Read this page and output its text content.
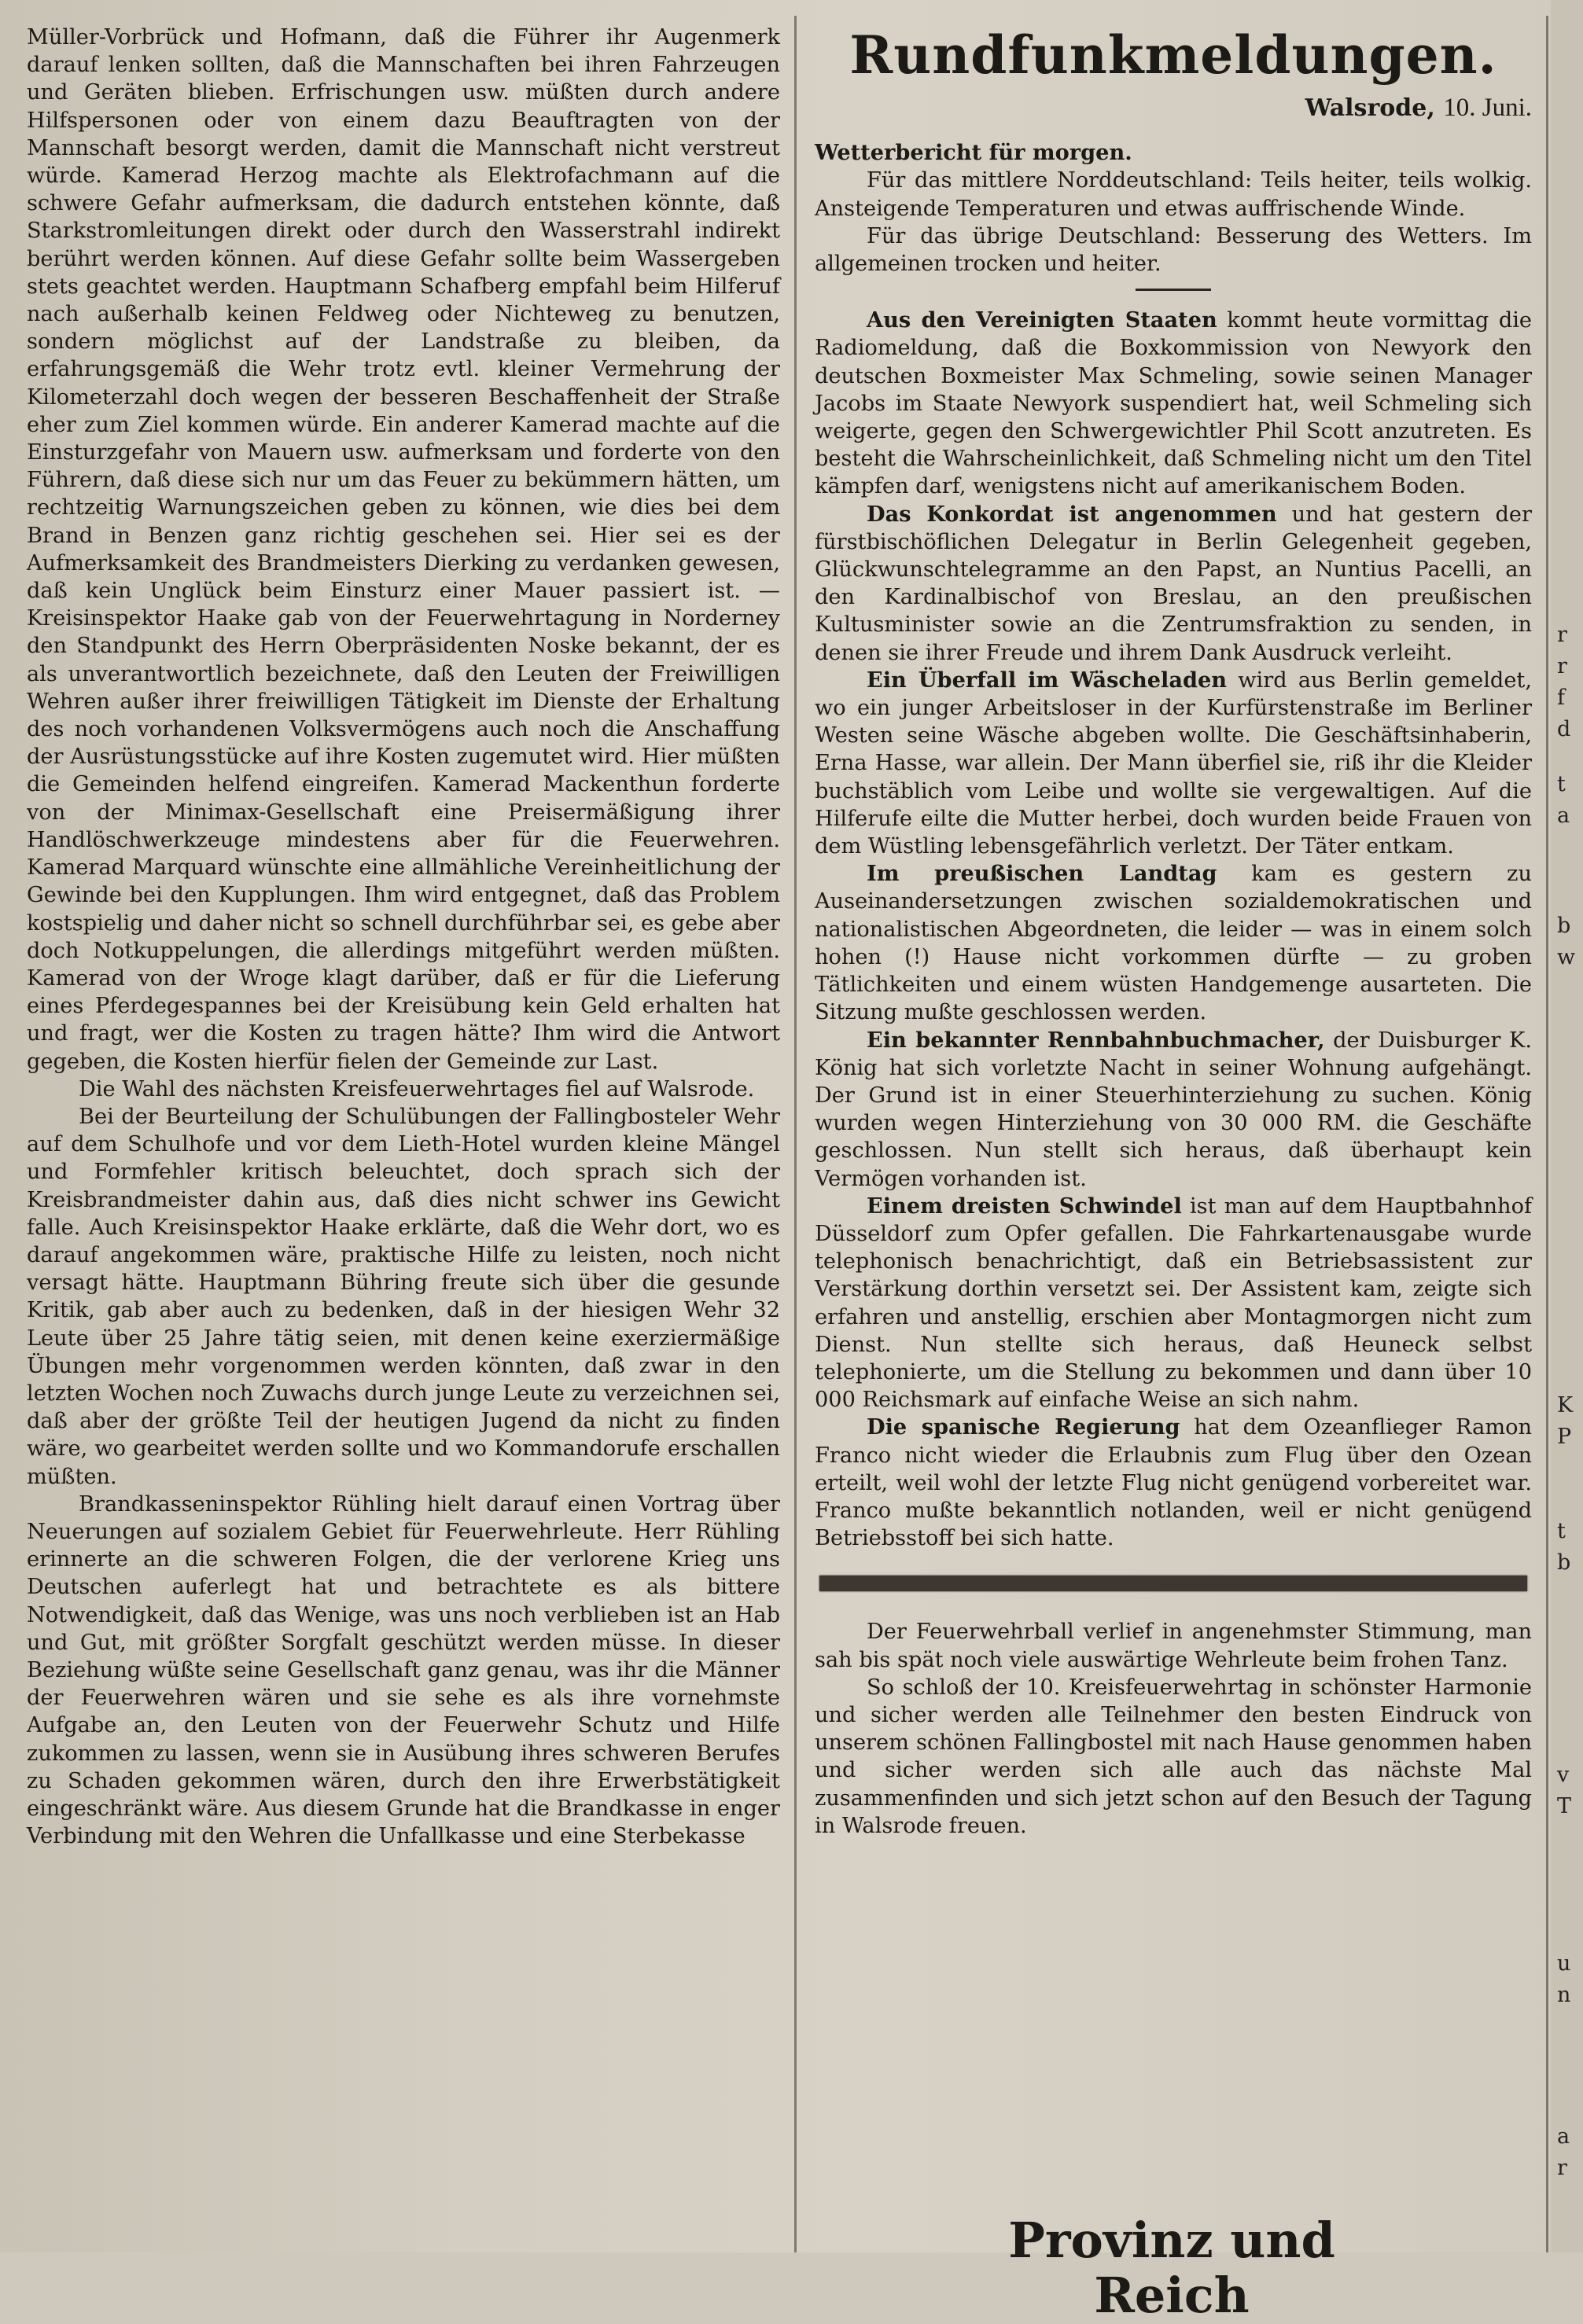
Müller-Vorbrück und Hofmann, daß die Führer ihr Augenmerk darauf lenken sollten, daß die Mannschaften bei ihren Fahrzeugen und Geräten blieben. Erfrischungen usw. müßten durch andere Hilfspersonen oder von einem dazu Beauftragten von der Mannschaft besorgt werden, damit die Mannschaft nicht verstreut würde. Kamerad Herzog machte als Elektrofachmann auf die schwere Gefahr aufmerksam, die dadurch entstehen könnte, daß Starkstromleitungen direkt oder durch den Wasserstrahl indirekt berührt werden können. Auf diese Gefahr sollte beim Wassergeben stets geachtet werden. Hauptmann Schafberg empfahl beim Hilferuf nach außerhalb keinen Feldweg oder Nichteweg zu benutzen, sondern möglichst auf der Landstraße zu bleiben, da erfahrungsgemäß die Wehr trotz evtl. kleiner Vermehrung der Kilometerzahl doch wegen der besseren Beschaffenheit der Straße eher zum Ziel kommen würde. Ein anderer Kamerad machte auf die Einsturzgefahr von Mauern usw. aufmerksam und forderte von den Führern, daß diese sich nur um das Feuer zu bekümmern hätten, um rechtzeitig Warnungszeichen geben zu können, wie dies bei dem Brand in Benzen ganz richtig geschehen sei. Hier sei es der Aufmerksamkeit des Brandmeisters Dierking zu verdanken gewesen, daß kein Unglück beim Einsturz einer Mauer passiert ist. — Kreisinspektor Haake gab von der Feuerwehrtagung in Norderney den Standpunkt des Herrn Oberpräsidenten Noske bekannt, der es als unverantwortlich bezeichnete, daß den Leuten der Freiwilligen Wehren außer ihrer freiwilligen Tätigkeit im Dienste der Erhaltung des noch vorhandenen Volksvermögens auch noch die Anschaffung der Ausrüstungsstücke auf ihre Kosten zugemutet wird. Hier müßten die Gemeinden helfend eingreifen. Kamerad Mackenthun forderte von der Minimax-Gesellschaft eine Preisermäßigung ihrer Handlöschwerkzeuge mindestens aber für die Feuerwehren. Kamerad Marquard wünschte eine allmähliche Vereinheitlichung der Gewinde bei den Kupplungen. Ihm wird entgegnet, daß das Problem kostspielig und daher nicht so schnell durchführbar sei, es gebe aber doch Notkuppelungen, die allerdings mitgeführt werden müßten. Kamerad von der Wroge klagt darüber, daß er für die Lieferung eines Pferdegespannes bei der Kreisübung kein Geld erhalten hat und fragt, wer die Kosten zu tragen hätte? Ihm wird die Antwort gegeben, die Kosten hierfür fielen der Gemeinde zur Last.

Die Wahl des nächsten Kreisfeuerwehrtages fiel auf Walsrode.

Bei der Beurteilung der Schulübungen der Fallingbosteler Wehr auf dem Schulhofe und vor dem Lieth-Hotel wurden kleine Mängel und Formfehler kritisch beleuchtet, doch sprach sich der Kreisbrandmeister dahin aus, daß dies nicht schwer ins Gewicht falle. Auch Kreisinspektor Haake erklärte, daß die Wehr dort, wo es darauf angekommen wäre, praktische Hilfe zu leisten, noch nicht versagt hätte. Hauptmann Bühring freute sich über die gesunde Kritik, gab aber auch zu bedenken, daß in der hiesigen Wehr 32 Leute über 25 Jahre tätig seien, mit denen keine exerziermäßige Übungen mehr vorgenommen werden könnten, daß zwar in den letzten Wochen noch Zuwachs durch junge Leute zu verzeichnen sei, daß aber der größte Teil der heutigen Jugend da nicht zu finden wäre, wo gearbeitet werden sollte und wo Kommandorufe erschallen müßten.

Brandkasseninspektor Rühling hielt darauf einen Vortrag über Neuerungen auf sozialem Gebiet für Feuerwehrleute. Herr Rühling erinnerte an die schweren Folgen, die der verlorene Krieg uns Deutschen auferlegt hat und betrachtete es als bittere Notwendigkeit, daß das Wenige, was uns noch verblieben ist an Hab und Gut, mit größter Sorgfalt geschützt werden müsse. In dieser Beziehung wüßte seine Gesellschaft ganz genau, was ihr die Männer der Feuerwehren wären und sie sehe es als ihre vornehmste Aufgabe an, den Leuten von der Feuerwehr Schutz und Hilfe zukommen zu lassen, wenn sie in Ausübung ihres schweren Berufes zu Schaden gekommen wären, durch den ihre Erwerbstätigkeit eingeschränkt wäre. Aus diesem Grunde hat die Brandkasse in enger Verbindung mit den Wehren die Unfallkasse und eine Sterbekasse

Rundfunkmeldungen.
Walsrode, 10. Juni.

Wetterbericht für morgen.

Für das mittlere Norddeutschland: Teils heiter, teils wolkig. Ansteigende Temperaturen und etwas auffrischende Winde.

Für das übrige Deutschland: Besserung des Wetters. Im allgemeinen trocken und heiter.

Aus den Vereinigten Staaten kommt heute vormittag die Radiomeldung, daß die Boxkommission von Newyork den deutschen Boxmeister Max Schmeling, sowie seinen Manager Jacobs im Staate Newyork suspendiert hat, weil Schmeling sich weigerte, gegen den Schwergewichtler Phil Scott anzutreten. Es besteht die Wahrscheinlichkeit, daß Schmeling nicht um den Titel kämpfen darf, wenigstens nicht auf amerikanischem Boden.

Das Konkordat ist angenommen und hat gestern der fürstbischöflichen Delegatur in Berlin Gelegenheit gegeben, Glückwunschtelegramme an den Papst, an Nuntius Pacelli, an den Kardinalbischof von Breslau, an den preußischen Kultusminister sowie an die Zentrumsfraktion zu senden, in denen sie ihrer Freude und ihrem Dank Ausdruck verleiht.

Ein Überfall im Wäscheladen wird aus Berlin gemeldet, wo ein junger Arbeitsloser in der Kurfürstenstraße im Berliner Westen seine Wäsche abgeben wollte. Die Geschäftsinhaberin, Erna Hasse, war allein. Der Mann überfiel sie, riß ihr die Kleider buchstäblich vom Leibe und wollte sie vergewaltigen. Auf die Hilferufe eilte die Mutter herbei, doch wurden beide Frauen von dem Wüstling lebensgefährlich verletzt. Der Täter entkam.

Im preußischen Landtag kam es gestern zu Auseinandersetzungen zwischen sozialdemokratischen und nationalistischen Abgeordneten, die leider — was in einem solch hohen (!) Hause nicht vorkommen dürfte — zu groben Tätlichkeiten und einem wüsten Handgemenge ausarteten. Die Sitzung mußte geschlossen werden.

Ein bekannter Rennbahnbuchmacher, der Duisburger K. König hat sich vorletzte Nacht in seiner Wohnung aufgehängt. Der Grund ist in einer Steuerhinterziehung zu suchen. König wurden wegen Hinterziehung von 30 000 RM. die Geschäfte geschlossen. Nun stellt sich heraus, daß überhaupt kein Vermögen vorhanden ist.

Einem dreisten Schwindel ist man auf dem Hauptbahnhof Düsseldorf zum Opfer gefallen. Die Fahrkartenausgabe wurde telephonisch benachrichtigt, daß ein Betriebsassistent zur Verstärkung dorthin versetzt sei. Der Assistent kam, zeigte sich erfahren und anstellig, erschien aber Montagmorgen nicht zum Dienst. Nun stellte sich heraus, daß Heuneck selbst telephonierte, um die Stellung zu bekommen und dann über 10 000 Reichsmark auf einfache Weise an sich nahm.

Die spanische Regierung hat dem Ozeanflieger Ramon Franco nicht wieder die Erlaubnis zum Flug über den Ozean erteilt, weil wohl der letzte Flug nicht genügend vorbereitet war. Franco mußte bekanntlich notlanden, weil er nicht genügend Betriebsstoff bei sich hatte.

Der Feuerwehrball verlief in angenehmster Stimmung, man sah bis spät noch viele auswärtige Wehrleute beim frohen Tanz.

So schloß der 10. Kreisfeuerwehrtag in schönster Harmonie und sicher werden alle Teilnehmer den besten Eindruck von unserem schönen Fallingbostel mit nach Hause genommen haben und sicher werden sich alle auch das nächste Mal zusammenfinden und sich jetzt schon auf den Besuch der Tagung in Walsrode freuen.

Provinz und Reich
r
r
f
d
t
a
b
w
K
P
t
b
v
T
u
n
a
r
